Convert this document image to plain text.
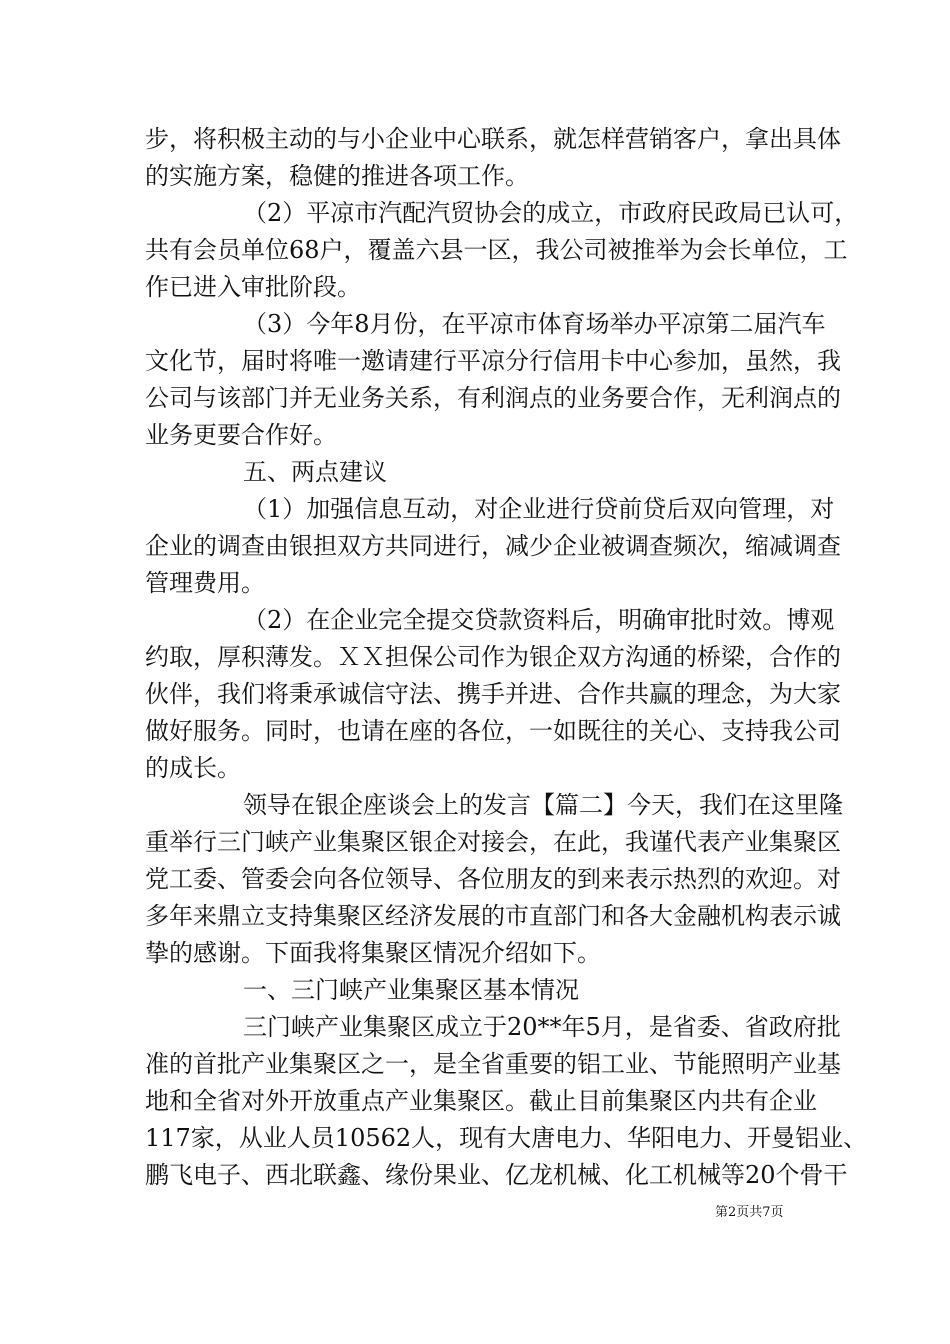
步，将积极主动的与小企业中心联系，就怎样营销客户，拿出具体
的实施方案，稳健的推进各项工作。
（2）平凉市汽配汽贸协会的成立，市政府民政局已认可，
共有会员单位68户，覆盖六县一区，我公司被推举为会长单位，工
作已进入审批阶段。
（3）今年8月份，在平凉市体育场举办平凉第二届汽车
文化节，届时将唯一邀请建行平凉分行信用卡中心参加，虽然，我
公司与该部门并无业务关系，有利润点的业务要合作，无利润点的
业务更要合作好。
五、两点建议
（1）加强信息互动，对企业进行贷前贷后双向管理，对
企业的调查由银担双方共同进行，减少企业被调查频次，缩减调查
管理费用。
（2）在企业完全提交贷款资料后，明确审批时效。博观
约取，厚积薄发。ＸＸ担保公司作为银企双方沟通的桥梁，合作的
伙伴，我们将秉承诚信守法、携手并进、合作共赢的理念，为大家
做好服务。同时，也请在座的各位，一如既往的关心、支持我公司
的成长。
领导在银企座谈会上的发言【篇二】今天，我们在这里隆
重举行三门峡产业集聚区银企对接会，在此，我谨代表产业集聚区
党工委、管委会向各位领导、各位朋友的到来表示热烈的欢迎。对
多年来鼎立支持集聚区经济发展的市直部门和各大金融机构表示诚
挚的感谢。下面我将集聚区情况介绍如下。
一、三门峡产业集聚区基本情况
三门峡产业集聚区成立于20**年5月，是省委、省政府批
准的首批产业集聚区之一，是全省重要的铝工业、节能照明产业基
地和全省对外开放重点产业集聚区。截止目前集聚区内共有企业
117家，从业人员10562人，现有大唐电力、华阳电力、开曼铝业、
鹏飞电子、西北联鑫、缘份果业、亿龙机械、化工机械等20个骨干
第2页共7页
